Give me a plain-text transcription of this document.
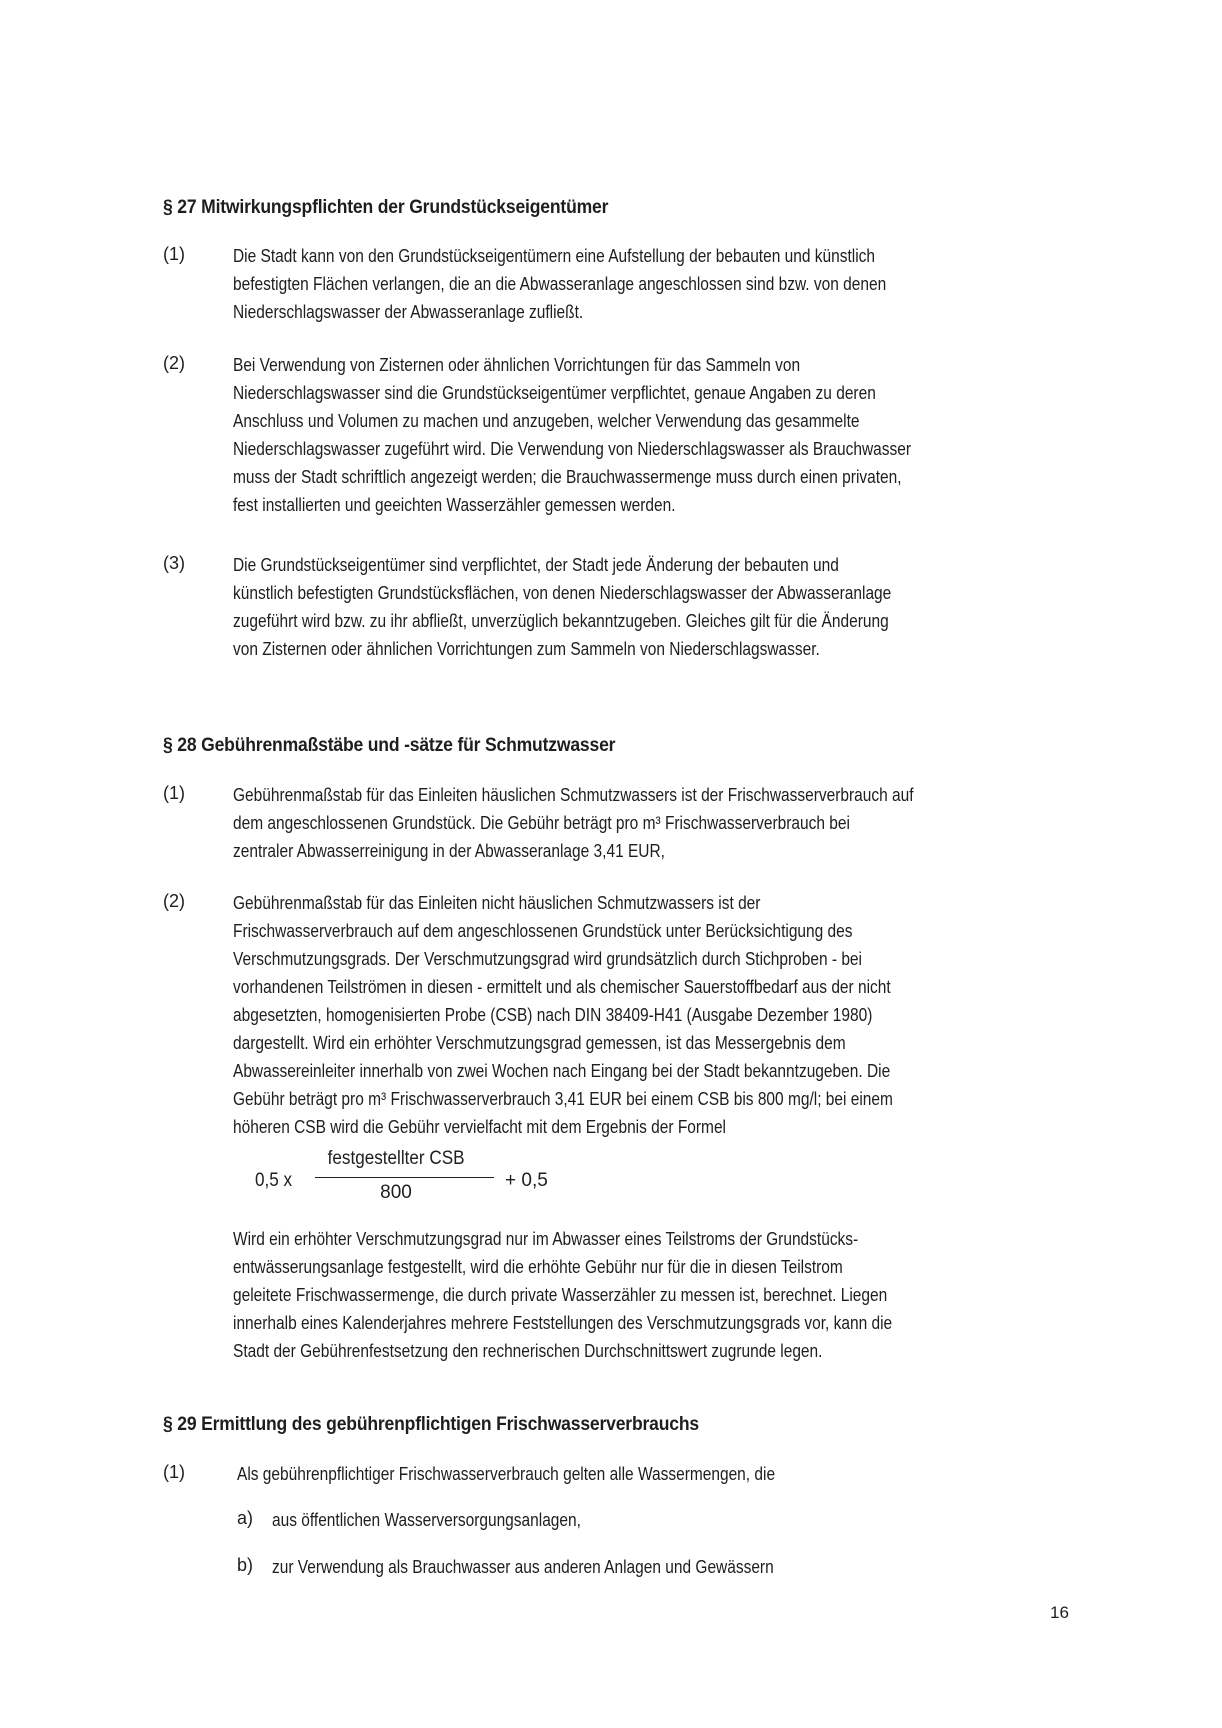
§ 27 Mitwirkungspflichten der Grundstückseigentümer
(1)	Die Stadt kann von den Grundstückseigentümern eine Aufstellung der bebauten und künstlich
befestigten Flächen verlangen, die an die Abwasseranlage angeschlossen sind bzw. von denen
Niederschlagswasser der Abwasseranlage zufließt.
(2)	Bei Verwendung von Zisternen oder ähnlichen Vorrichtungen für das Sammeln von
Niederschlagswasser sind die Grundstückseigentümer verpflichtet, genaue Angaben zu deren
Anschluss und Volumen zu machen und anzugeben, welcher Verwendung das gesammelte
Niederschlagswasser zugeführt wird. Die Verwendung von Niederschlagswasser als Brauchwasser
muss der Stadt schriftlich angezeigt werden; die Brauchwassermenge muss durch einen privaten,
fest installierten und geeichten Wasserzähler gemessen werden.
(3)	Die Grundstückseigentümer sind verpflichtet, der Stadt jede Änderung der bebauten und
künstlich befestigten Grundstücksflächen, von denen Niederschlagswasser der Abwasseranlage
zugeführt wird bzw. zu ihr abfließt, unverzüglich bekanntzugeben. Gleiches gilt für die Änderung
von Zisternen oder ähnlichen Vorrichtungen zum Sammeln von Niederschlagswasser.
§ 28 Gebührenmaßstäbe und -sätze für Schmutzwasser
(1)	Gebührenmaßstab für das Einleiten häuslichen Schmutzwassers ist der Frischwasserverbrauch auf
dem angeschlossenen Grundstück. Die Gebühr beträgt pro m³ Frischwasserverbrauch bei
zentraler Abwasserreinigung in der Abwasseranlage 3,41 EUR,
(2)	Gebührenmaßstab für das Einleiten nicht häuslichen Schmutzwassers ist der
Frischwasserverbrauch auf dem angeschlossenen Grundstück unter Berücksichtigung des
Verschmutzungsgrads. Der Verschmutzungsgrad wird grundsätzlich durch Stichproben - bei
vorhandenen Teilströmen in diesen - ermittelt und als chemischer Sauerstoffbedarf aus der nicht
abgesetzten, homogenisierten Probe (CSB) nach DIN 38409-H41 (Ausgabe Dezember 1980)
dargestellt. Wird ein erhöhter Verschmutzungsgrad gemessen, ist das Messergebnis dem
Abwassereinleiter innerhalb von zwei Wochen nach Eingang bei der Stadt bekanntzugeben. Die
Gebühr beträgt pro m³ Frischwasserverbrauch 3,41 EUR bei einem CSB bis 800 mg/l; bei einem
höheren CSB wird die Gebühr vervielfacht mit dem Ergebnis der Formel
0,5 x
festgestellter CSB
800
+ 0,5
Wird ein erhöhter Verschmutzungsgrad nur im Abwasser eines Teilstroms der Grundstücks-
entwässerungsanlage festgestellt, wird die erhöhte Gebühr nur für die in diesen Teilstrom
geleitete Frischwassermenge, die durch private Wasserzähler zu messen ist, berechnet. Liegen
innerhalb eines Kalenderjahres mehrere Feststellungen des Verschmutzungsgrads vor, kann die
Stadt der Gebührenfestsetzung den rechnerischen Durchschnittswert zugrunde legen.
§ 29 Ermittlung des gebührenpflichtigen Frischwasserverbrauchs
(1)	Als gebührenpflichtiger Frischwasserverbrauch gelten alle Wassermengen, die
a) aus öffentlichen Wasserversorgungsanlagen,
b) zur Verwendung als Brauchwasser aus anderen Anlagen und Gewässern
16
